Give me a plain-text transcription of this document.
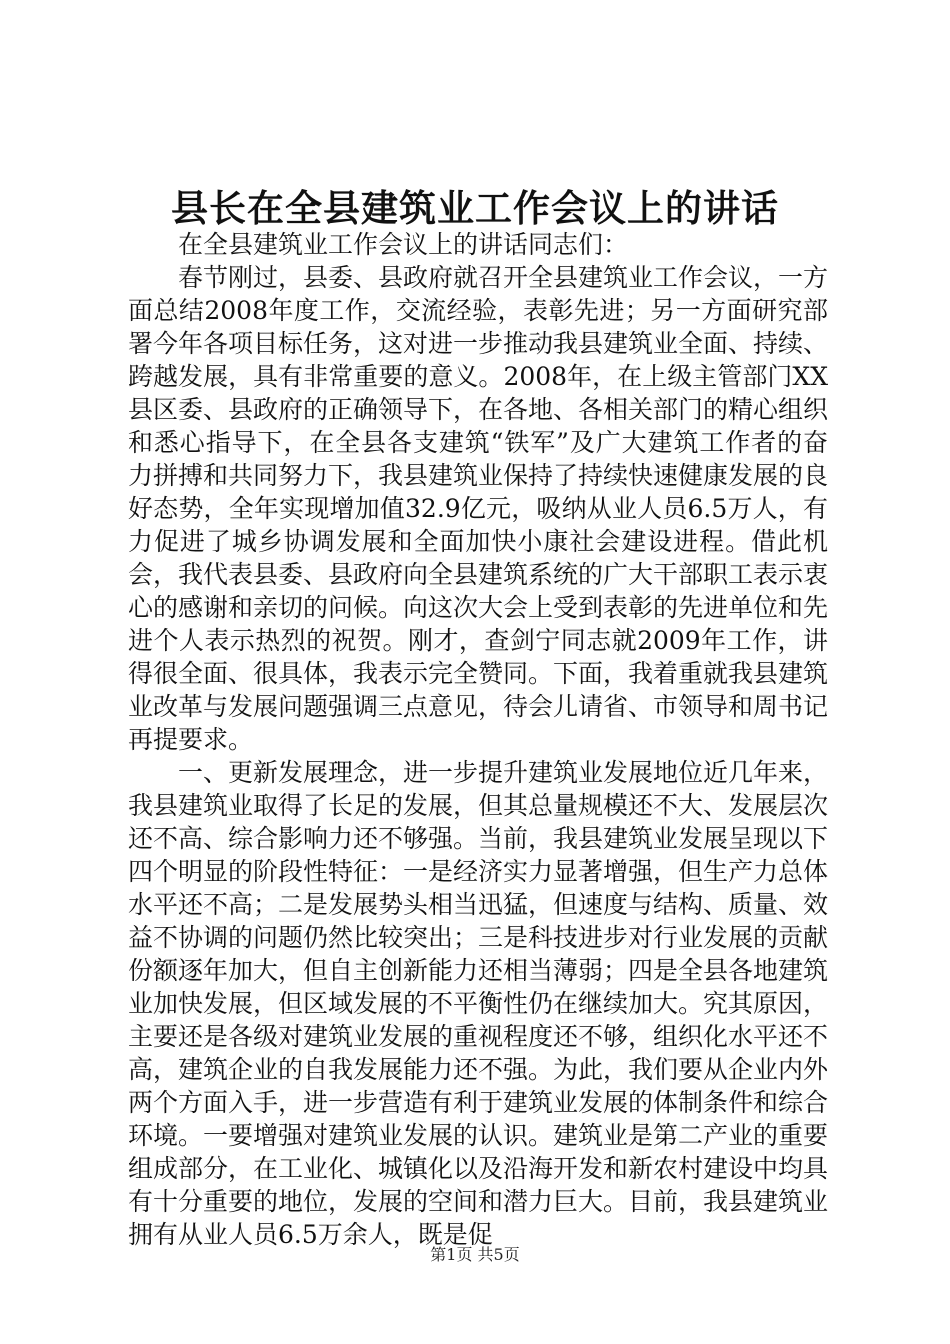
县长在全县建筑业工作会议上的讲话

在全县建筑业工作会议上的讲话同志们：

春节刚过，县委、县政府就召开全县建筑业工作会议，一方面总结2008年度工作，交流经验，表彰先进；另一方面研究部署今年各项目标任务，这对进一步推动我县建筑业全面、持续、跨越发展，具有非常重要的意义。2008年，在上级主管部门XX县区委、县政府的正确领导下，在各地、各相关部门的精心组织和悉心指导下，在全县各支建筑“铁军”及广大建筑工作者的奋力拼搏和共同努力下，我县建筑业保持了持续快速健康发展的良好态势，全年实现增加值32.9亿元，吸纳从业人员6.5万人，有力促进了城乡协调发展和全面加快小康社会建设进程。借此机会，我代表县委、县政府向全县建筑系统的广大干部职工表示衷心的感谢和亲切的问候。向这次大会上受到表彰的先进单位和先进个人表示热烈的祝贺。刚才，查剑宁同志就2009年工作，讲得很全面、很具体，我表示完全赞同。下面，我着重就我县建筑业改革与发展问题强调三点意见，待会儿请省、市领导和周书记再提要求。

一、更新发展理念，进一步提升建筑业发展地位近几年来，我县建筑业取得了长足的发展，但其总量规模还不大、发展层次还不高、综合影响力还不够强。当前，我县建筑业发展呈现以下四个明显的阶段性特征：一是经济实力显著增强，但生产力总体水平还不高；二是发展势头相当迅猛，但速度与结构、质量、效益不协调的问题仍然比较突出；三是科技进步对行业发展的贡献份额逐年加大，但自主创新能力还相当薄弱；四是全县各地建筑业加快发展，但区域发展的不平衡性仍在继续加大。究其原因，主要还是各级对建筑业发展的重视程度还不够，组织化水平还不高，建筑企业的自我发展能力还不强。为此，我们要从企业内外两个方面入手，进一步营造有利于建筑业发展的体制条件和综合环境。一要增强对建筑业发展的认识。建筑业是第二产业的重要组成部分，在工业化、城镇化以及沿海开发和新农村建设中均具有十分重要的地位，发展的空间和潜力巨大。目前，我县建筑业拥有从业人员6.5万余人，既是促

第1页 共5页
